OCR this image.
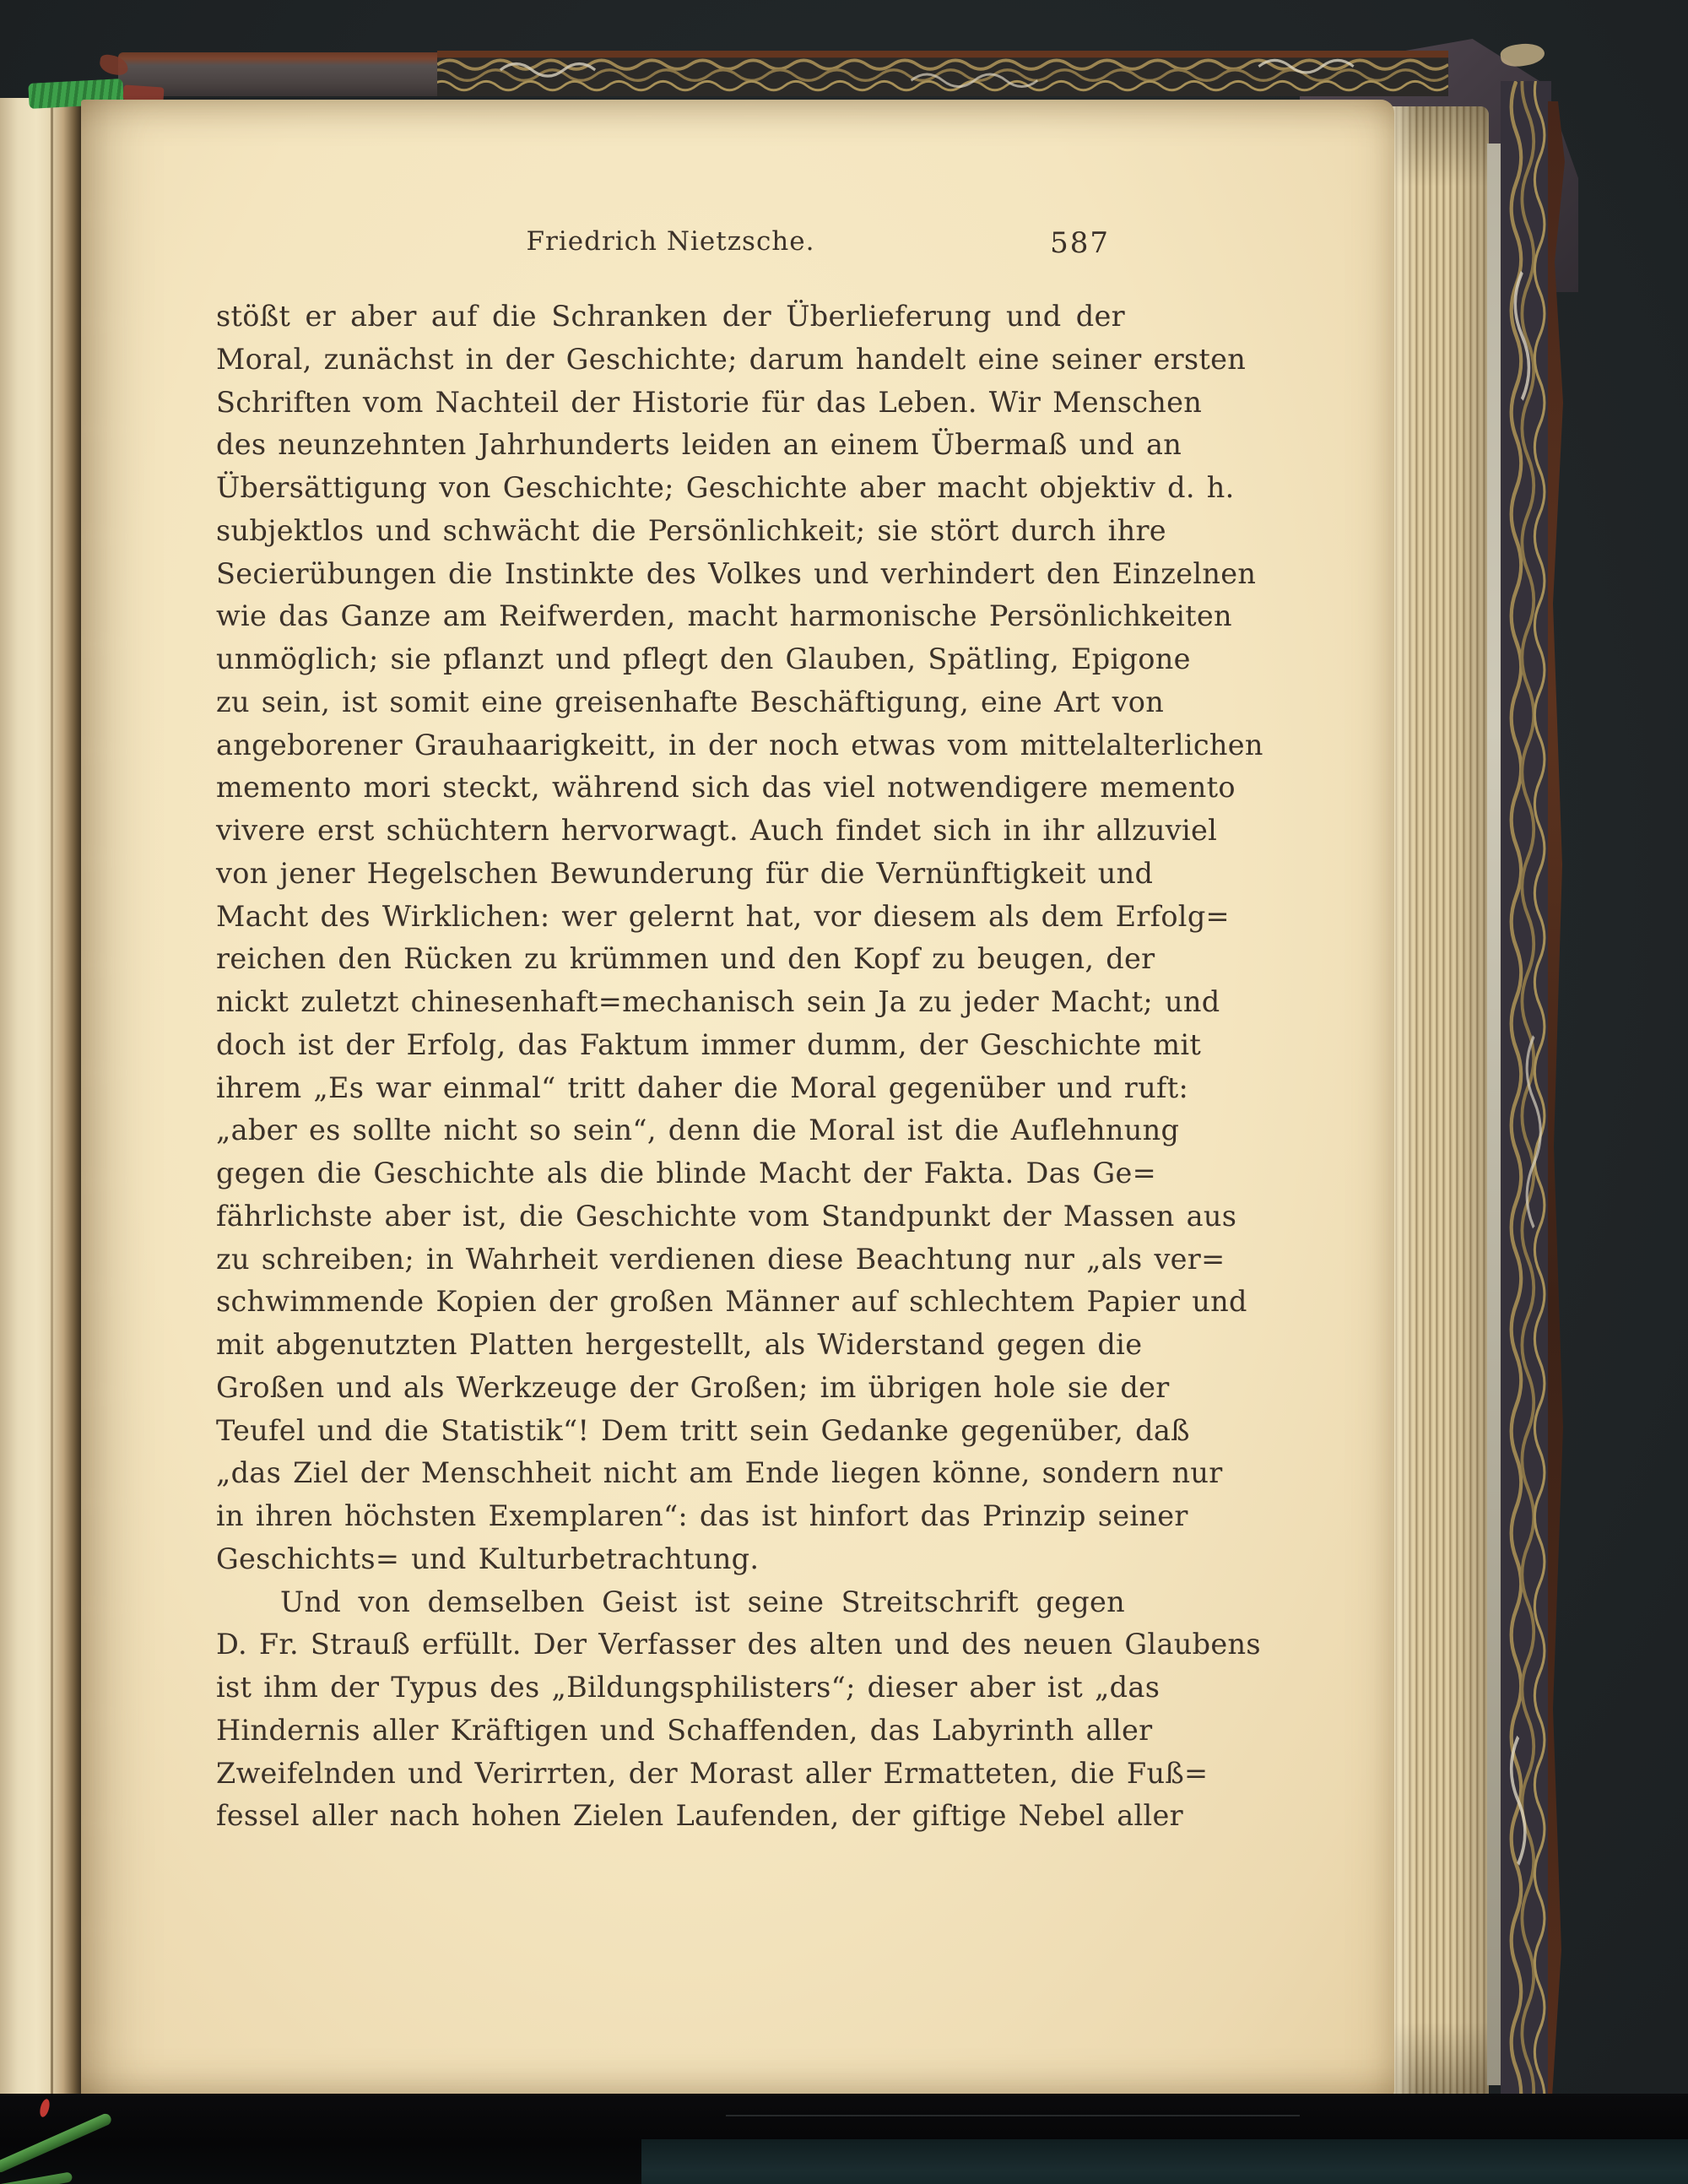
Friedrich Nietzsche.	587
stößt er aber auf die Schranken der Überlieferung und der
Moral, zunächst in der Geschichte; darum handelt eine seiner ersten
Schriften vom Nachteil der Historie für das Leben. Wir Menschen
des neunzehnten Jahrhunderts leiden an einem Übermaß und an
Übersättigung von Geschichte; Geschichte aber macht objektiv d. h.
subjektlos und schwächt die Persönlichkeit; sie stört durch ihre
Secierübungen die Instinkte des Volkes und verhindert den Einzelnen
wie das Ganze am Reifwerden, macht harmonische Persönlichkeiten
unmöglich; sie pflanzt und pflegt den Glauben, Spätling, Epigone
zu sein, ist somit eine greisenhafte Beschäftigung, eine Art von
angeborener Grauhaarigkeitt, in der noch etwas vom mittelalterlichen
memento mori steckt, während sich das viel notwendigere memento
vivere erst schüchtern hervorwagt. Auch findet sich in ihr allzuviel
von jener Hegelschen Bewunderung für die Vernünftigkeit und
Macht des Wirklichen: wer gelernt hat, vor diesem als dem Erfolg=
reichen den Rücken zu krümmen und den Kopf zu beugen, der
nickt zuletzt chinesenhaft=mechanisch sein Ja zu jeder Macht; und
doch ist der Erfolg, das Faktum immer dumm, der Geschichte mit
ihrem „Es war einmal“ tritt daher die Moral gegenüber und ruft:
„aber es sollte nicht so sein“, denn die Moral ist die Auflehnung
gegen die Geschichte als die blinde Macht der Fakta. Das Ge=
fährlichste aber ist, die Geschichte vom Standpunkt der Massen aus
zu schreiben; in Wahrheit verdienen diese Beachtung nur „als ver=
schwimmende Kopien der großen Männer auf schlechtem Papier und
mit abgenutzten Platten hergestellt, als Widerstand gegen die
Großen und als Werkzeuge der Großen; im übrigen hole sie der
Teufel und die Statistik“! Dem tritt sein Gedanke gegenüber, daß
„das Ziel der Menschheit nicht am Ende liegen könne, sondern nur
in ihren höchsten Exemplaren“: das ist hinfort das Prinzip seiner
Geschichts= und Kulturbetrachtung.
Und von demselben Geist ist seine Streitschrift gegen
D. Fr. Strauß erfüllt. Der Verfasser des alten und des neuen Glaubens
ist ihm der Typus des „Bildungsphilisters“; dieser aber ist „das
Hindernis aller Kräftigen und Schaffenden, das Labyrinth aller
Zweifelnden und Verirrten, der Morast aller Ermatteten, die Fuß=
fessel aller nach hohen Zielen Laufenden, der giftige Nebel aller
